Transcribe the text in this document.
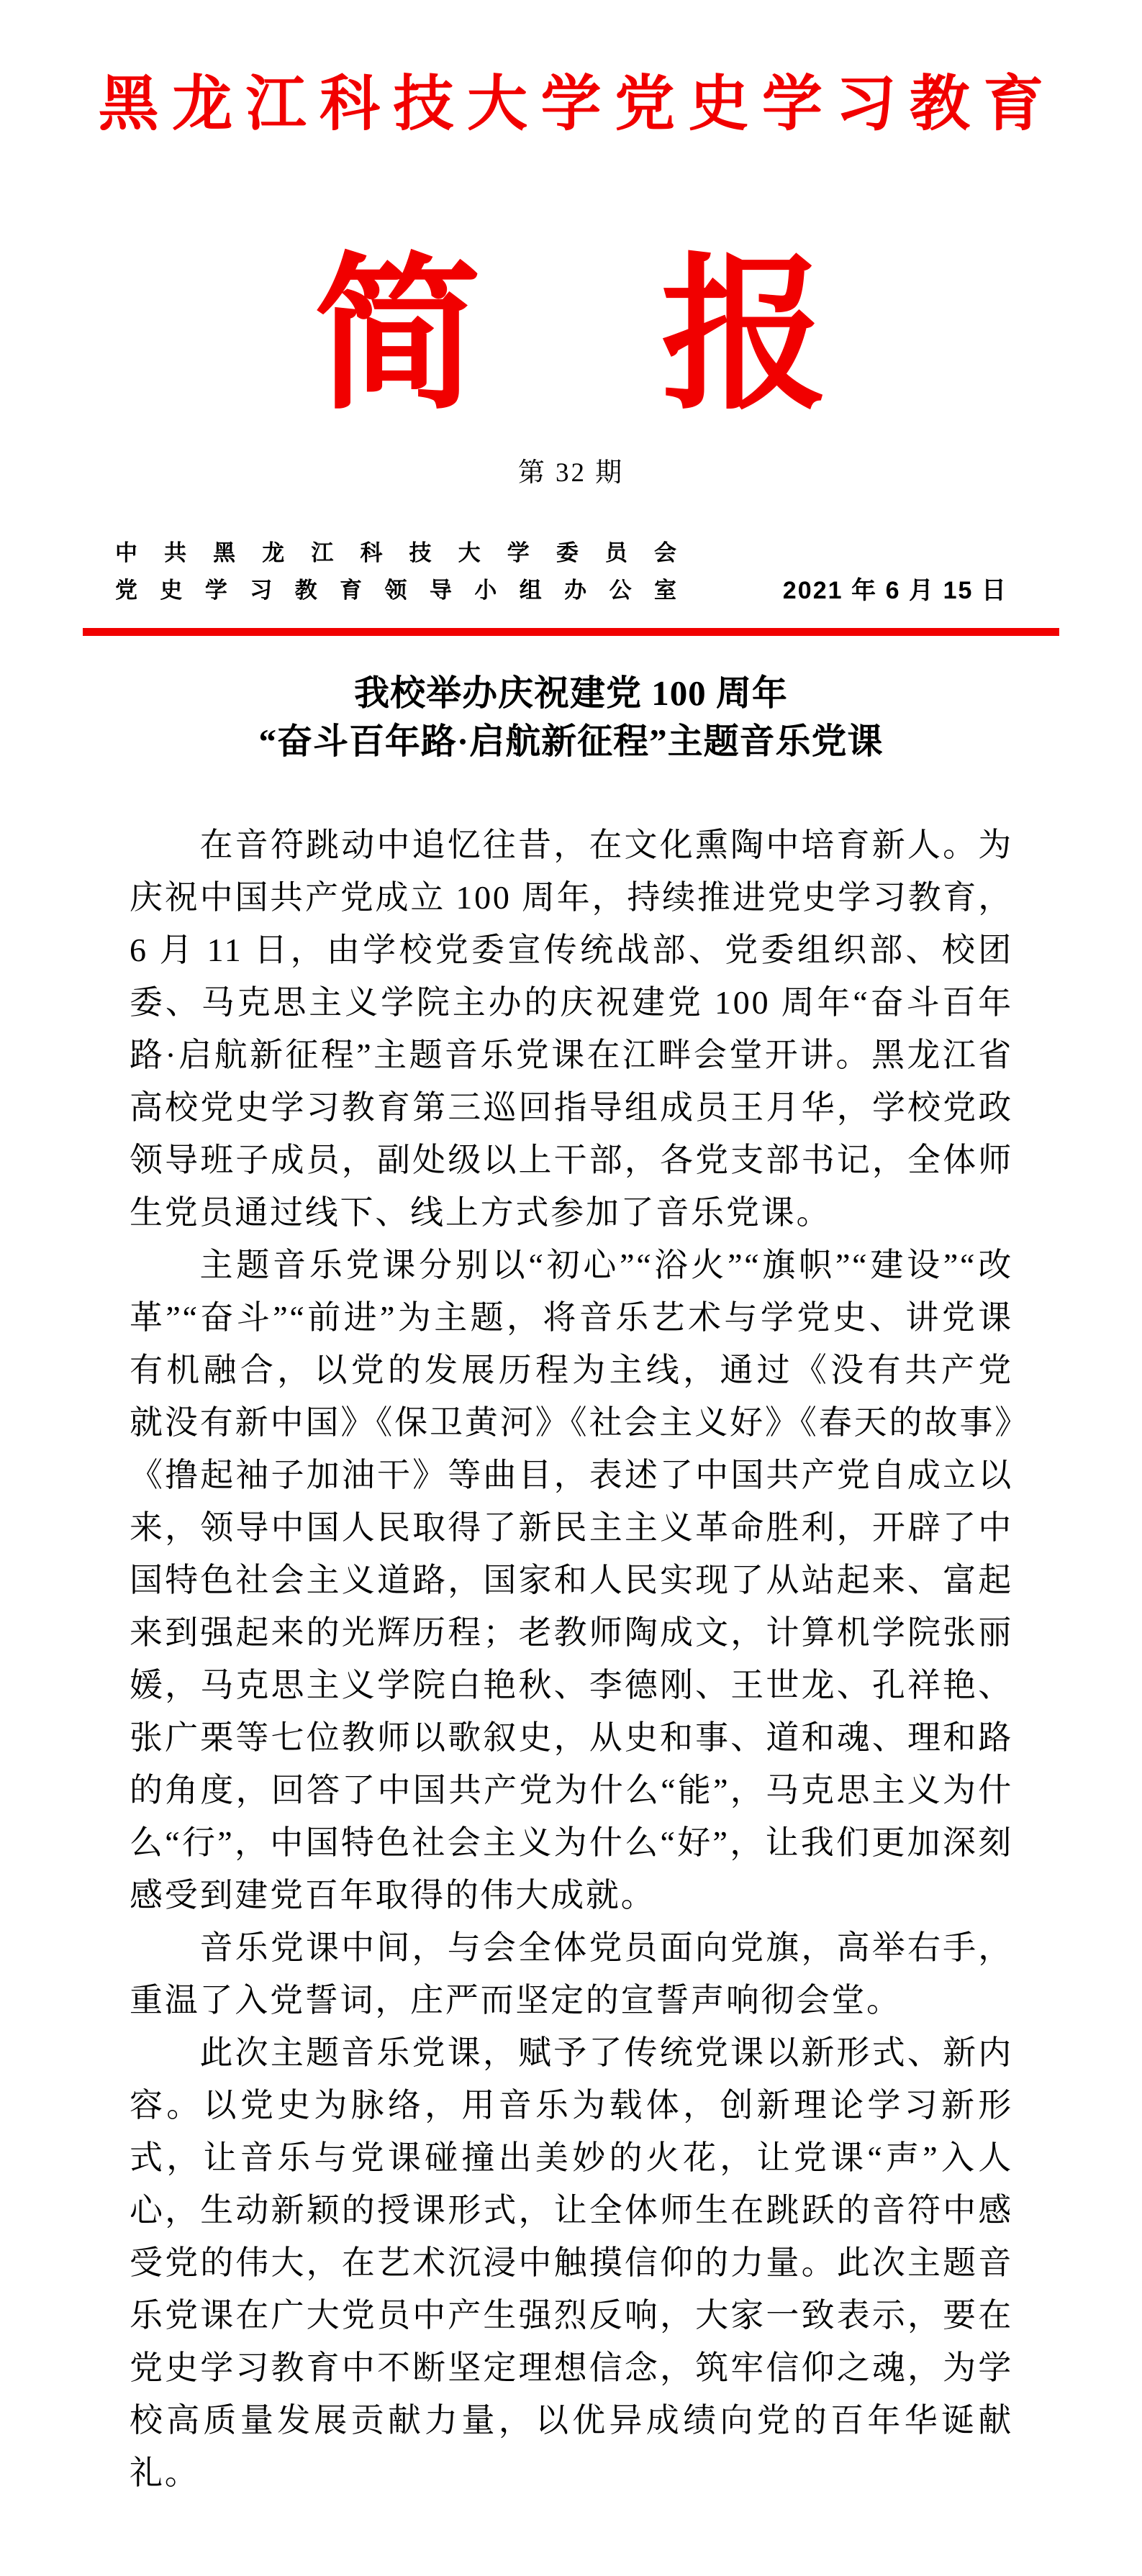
黑龙江科技大学党史学习教育
简 报
第 32 期
中共黑龙江科技大学委员会
党史学习教育领导小组办公室	2021 年 6 月 15 日
我校举办庆祝建党 100 周年
“奋斗百年路·启航新征程”主题音乐党课

在音符跳动中追忆往昔，在文化熏陶中培育新人。为庆祝中国共产党成立 100 周年，持续推进党史学习教育，6 月 11 日，由学校党委宣传统战部、党委组织部、校团委、马克思主义学院主办的庆祝建党 100 周年“奋斗百年路·启航新征程”主题音乐党课在江畔会堂开讲。黑龙江省高校党史学习教育第三巡回指导组成员王月华，学校党政领导班子成员，副处级以上干部，各党支部书记，全体师生党员通过线下、线上方式参加了音乐党课。

主题音乐党课分别以“初心”“浴火”“旗帜”“建设”“改革”“奋斗”“前进”为主题，将音乐艺术与学党史、讲党课有机融合，以党的发展历程为主线，通过《没有共产党 就没有新中国》《保卫黄河》《社会主义好》《春天的故事》《撸起袖子加油干》等曲目，表述了中国共产党自成立以来，领导中国人民取得了新民主主义革命胜利，开辟了中国特色社会主义道路，国家和人民实现了从站起来、富起来到强起来的光辉历程；老教师陶成文，计算机学院张丽媛，马克思主义学院白艳秋、李德刚、王世龙、孔祥艳、张广栗等七位教师以歌叙史，从史和事、道和魂、理和路的角度，回答了中国共产党为什么“能”，马克思主义为什么“行”，中国特色社会主义为什么“好”，让我们更加深刻感受到建党百年取得的伟大成就。

音乐党课中间，与会全体党员面向党旗，高举右手，重温了入党誓词，庄严而坚定的宣誓声响彻会堂。

此次主题音乐党课，赋予了传统党课以新形式、新内容。以党史为脉络，用音乐为载体，创新理论学习新形式，让音乐与党课碰撞出美妙的火花，让党课“声”入人心，生动新颖的授课形式，让全体师生在跳跃的音符中感受党的伟大，在艺术沉浸中触摸信仰的力量。此次主题音乐党课在广大党员中产生强烈反响，大家一致表示，要在党史学习教育中不断坚定理想信念，筑牢信仰之魂，为学校高质量发展贡献力量，以优异成绩向党的百年华诞献礼。
